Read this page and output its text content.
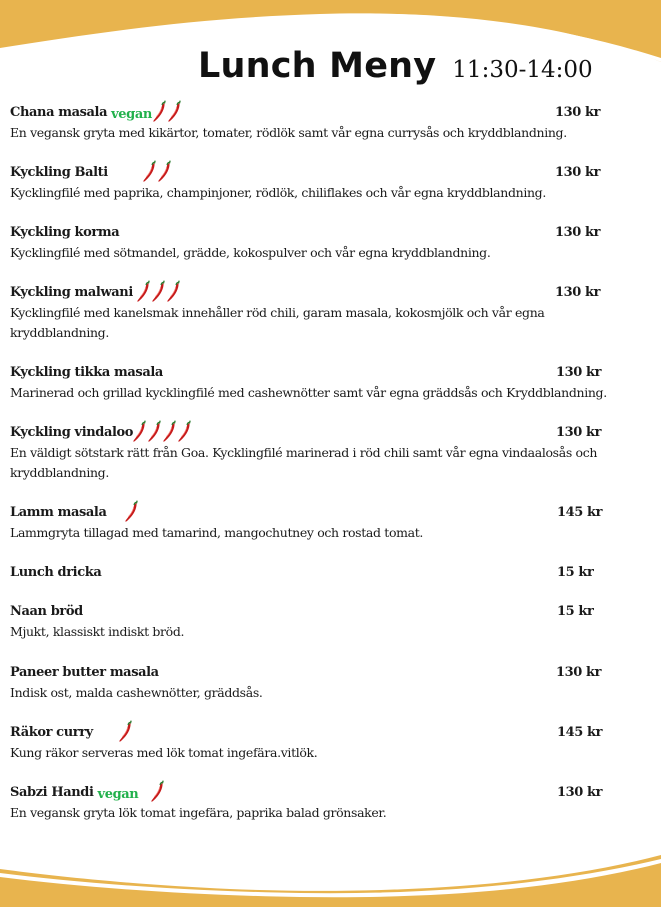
Lunch Meny 11:30-14:00
Chana masala vegan	130 kr
En vegansk gryta med kikärtor, tomater, rödlök samt vår egna currysås och kryddblandning.
Kyckling Balti	130 kr
Kycklingfilé med paprika, champinjoner, rödlök, chiliflakes och vår egna kryddblandning.
Kyckling korma	130 kr
Kycklingfilé med sötmandel, grädde, kokospulver och vår egna kryddblandning.
Kyckling malwani	130 kr
Kycklingfilé med kanelsmak innehåller röd chili, garam masala, kokosmjölk och vår egna kryddblandning.
Kyckling tikka masala	130 kr
Marinerad och grillad kycklingfilé med cashewnötter samt vår egna gräddsås och Kryddblandning.
Kyckling vindaloo	130 kr
En väldigt sötstark rätt från Goa. Kycklingfilé marinerad i röd chili samt vår egna vindaalosås och kryddblandning.
Lamm masala	145 kr
Lammgryta tillagad med tamarind, mangochutney och rostad tomat.
Lunch dricka	15 kr
Naan bröd	15 kr
Mjukt, klassiskt indiskt bröd.
Paneer butter masala	130 kr
Indisk ost, malda cashewnötter, gräddsås.
Räkor curry	145 kr
Kung räkor serveras med lök tomat ingefära.vitlök.
Sabzi Handi vegan	130 kr
En vegansk gryta lök tomat ingefära, paprika balad grönsaker.
